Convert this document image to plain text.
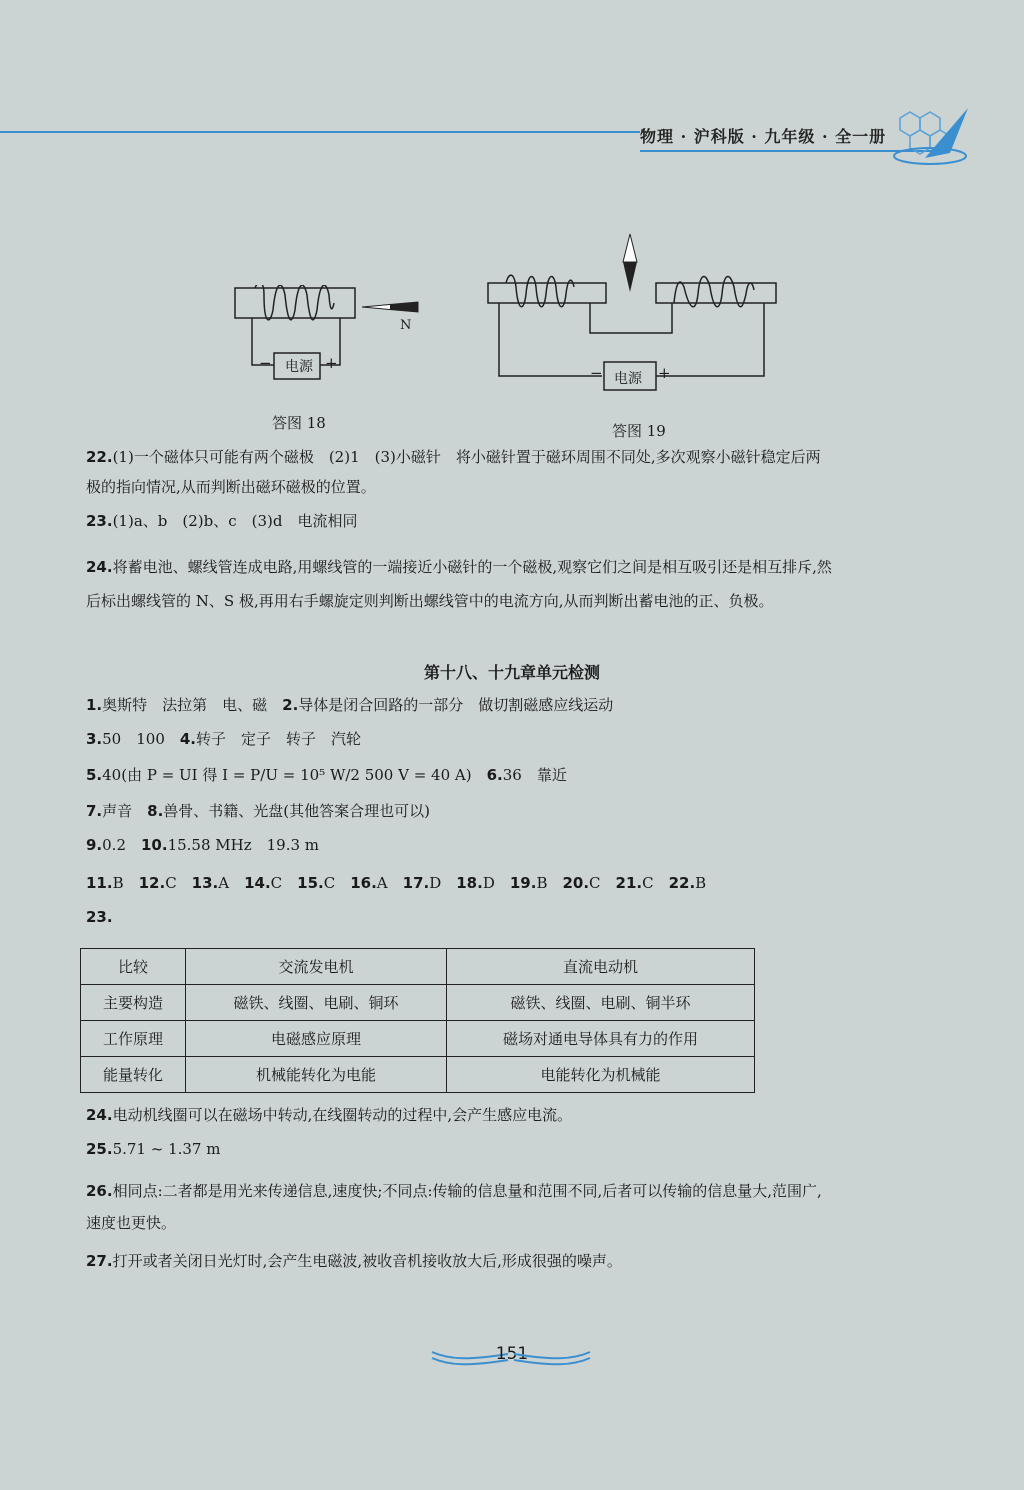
物理 · 沪科版 · 九年级 · 全一册
电源
−	+
N
答图 18
电源
−	+
答图 19
22.(1)一个磁体只可能有两个磁极　(2)1　(3)小磁针　将小磁针置于磁环周围不同处,多次观察小磁针稳定后两
极的指向情况,从而判断出磁环磁极的位置。
23.(1)a、b　(2)b、c　(3)d　电流相同
24.将蓄电池、螺线管连成电路,用螺线管的一端接近小磁针的一个磁极,观察它们之间是相互吸引还是相互排斥,然
后标出螺线管的 N、S 极,再用右手螺旋定则判断出螺线管中的电流方向,从而判断出蓄电池的正、负极。
第十八、十九章单元检测
1.奥斯特　法拉第　电、磁　2.导体是闭合回路的一部分　做切割磁感应线运动
3.50　100　4.转子　定子　转子　汽轮
5.40(由 P = UI 得 I = P/U = 10⁵ W/2 500 V = 40 A)　6.36　靠近
7.声音　8.兽骨、书籍、光盘(其他答案合理也可以)
9.0.2　10.15.58 MHz　19.3 m
11.B　12.C　13.A　14.C　15.C　16.A　17.D　18.D　19.B　20.C　21.C　22.B
23.
比较	交流发电机	直流电动机
主要构造	磁铁、线圈、电刷、铜环	磁铁、线圈、电刷、铜半环
工作原理	电磁感应原理	磁场对通电导体具有力的作用
能量转化	机械能转化为电能	电能转化为机械能
24.电动机线圈可以在磁场中转动,在线圈转动的过程中,会产生感应电流。
25.5.71 ~ 1.37 m
26.相同点:二者都是用光来传递信息,速度快;不同点:传输的信息量和范围不同,后者可以传输的信息量大,范围广,
速度也更快。
27.打开或者关闭日光灯时,会产生电磁波,被收音机接收放大后,形成很强的噪声。
151
